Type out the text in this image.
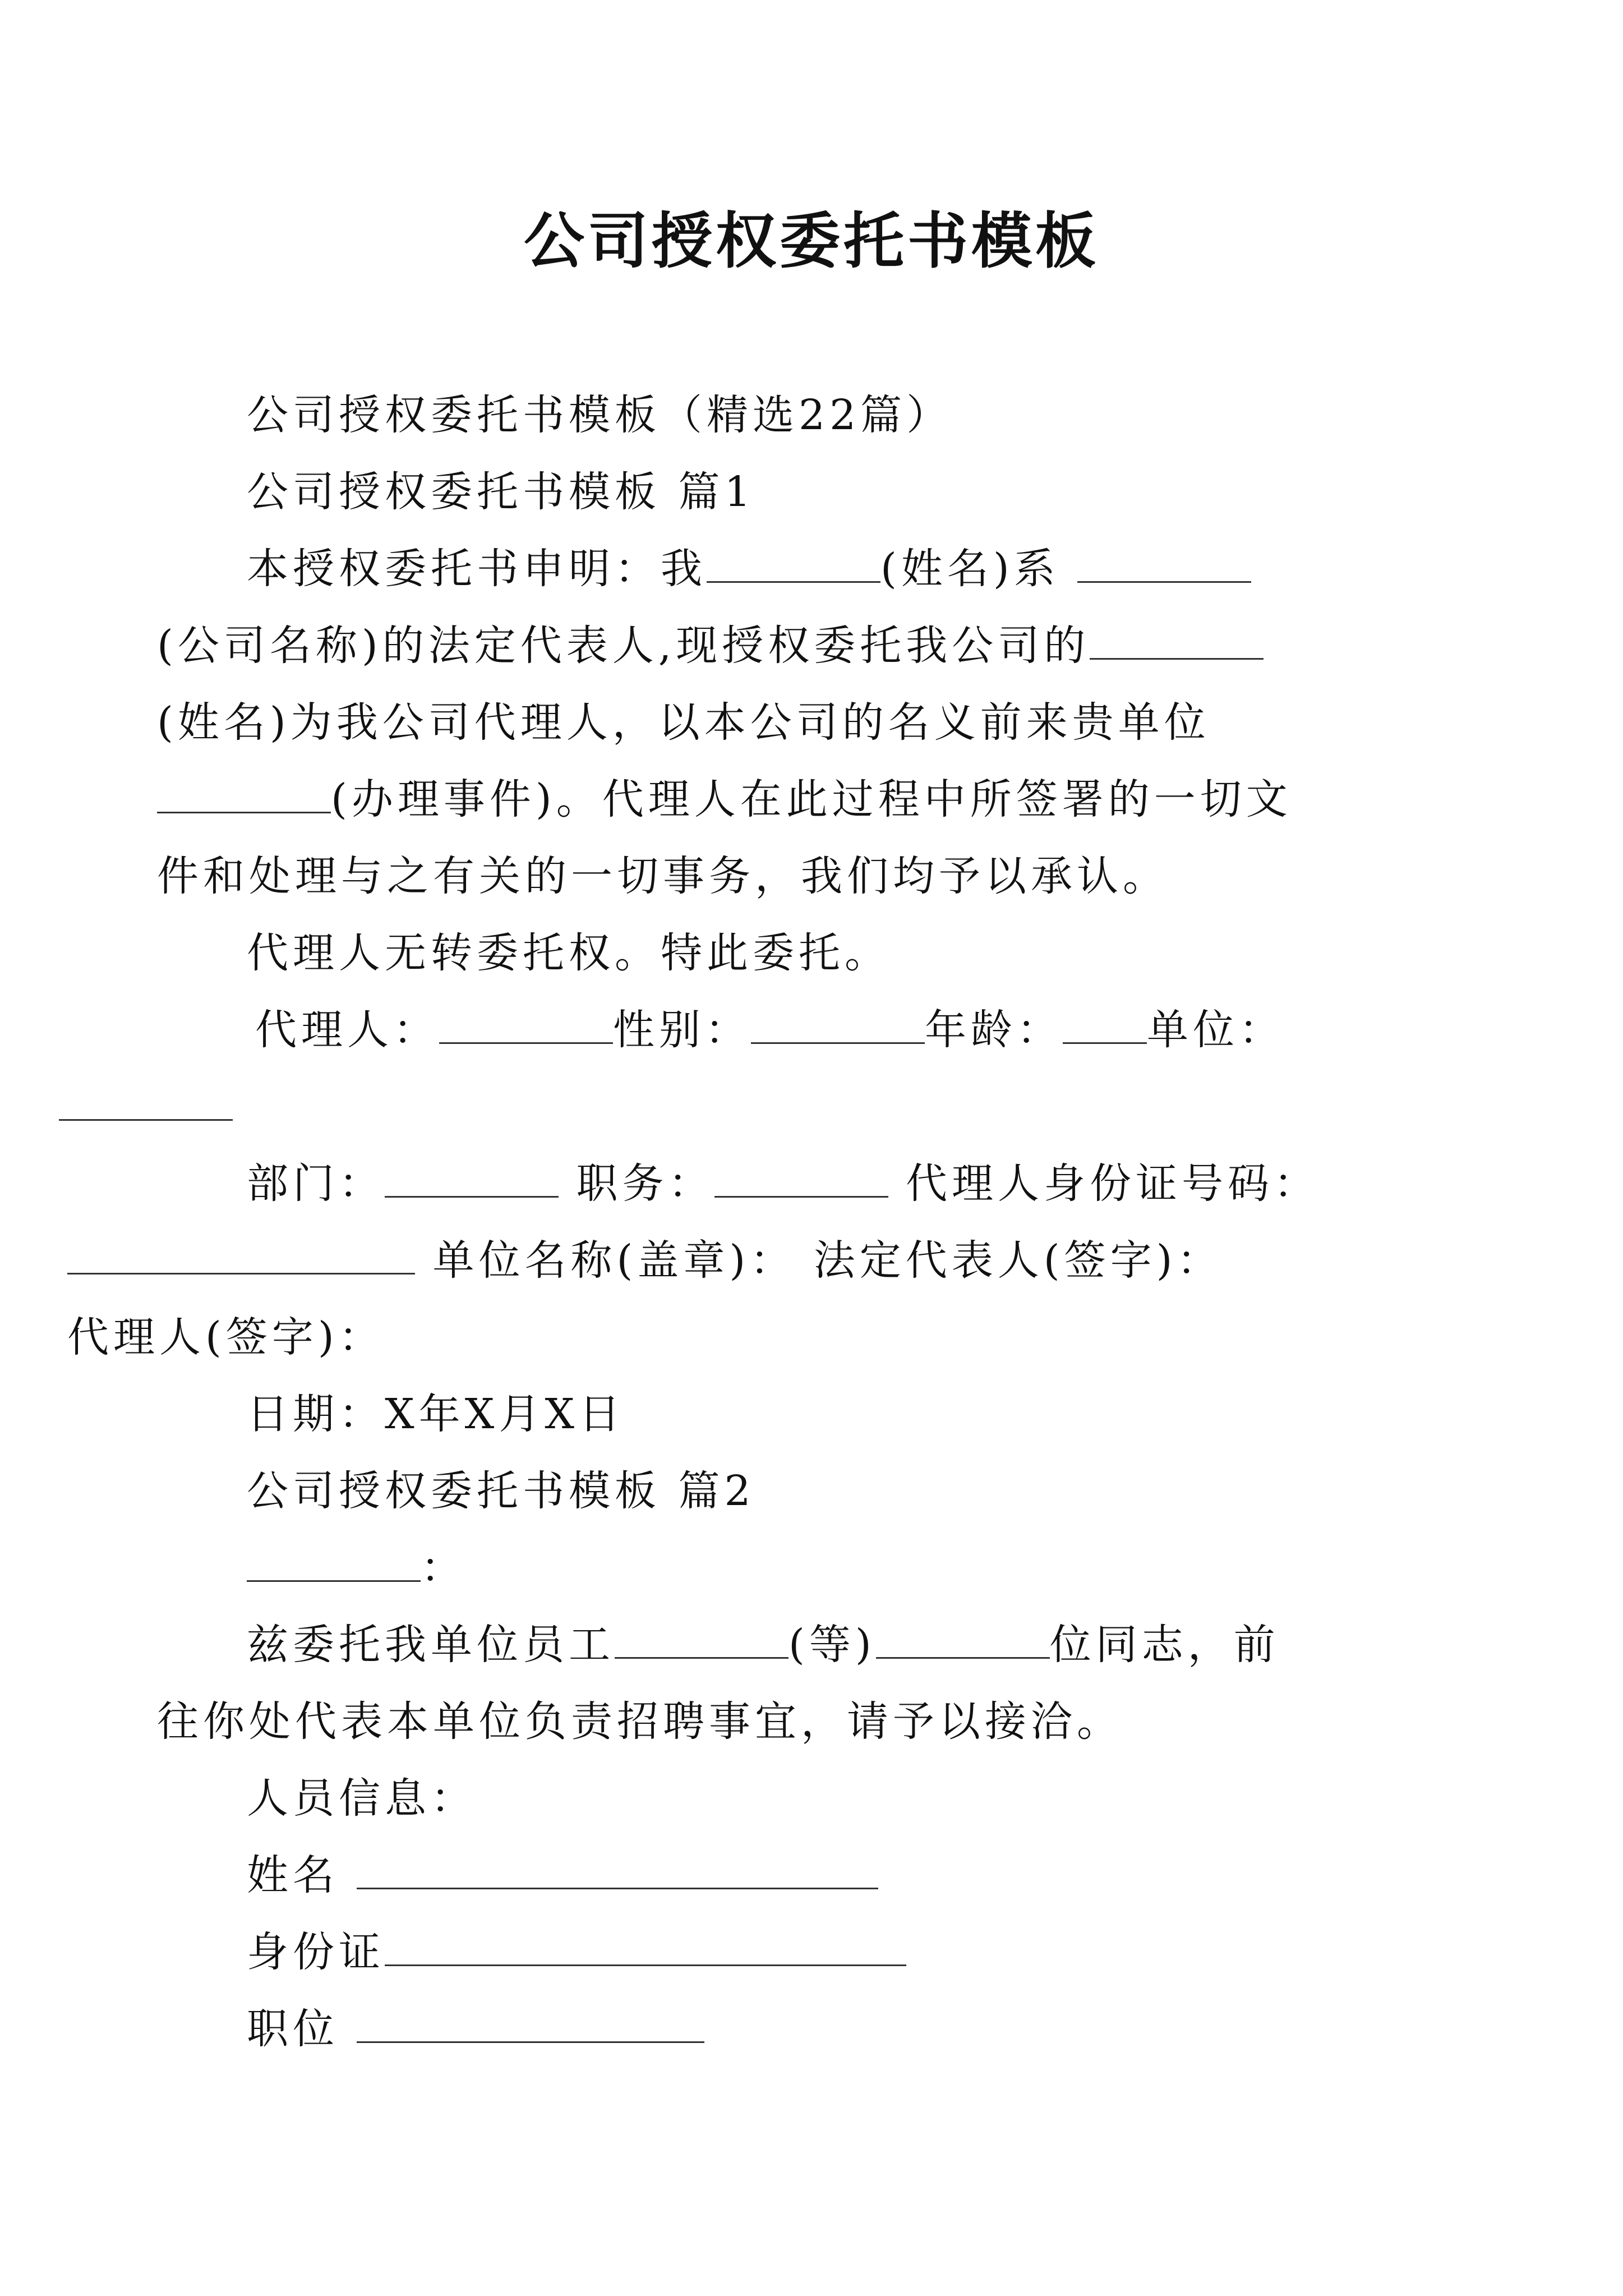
公司授权委托书模板

公司授权委托书模板（精选22篇）

公司授权委托书模板 篇1

本授权委托书申明：我	(姓名)系 (公司名称)的法定代表人,现授权委托我公司的(姓名)为我公司代理人，以本公司的名义前来贵单位(办理事件)。代理人在此过程中所签署的一切文件和处理与之有关的一切事务，我们均予以承认。

代理人无转委托权。特此委托。

代理人：	性别：	年龄： 单位：

部门：	职务：	代理人身份证号码：
单位名称(盖章)： 法定代表人(签字)：
代理人(签字)：

日期：X年X月X日

公司授权委托书模板 篇2

：

兹委托我单位员工	(等)	位同志，前往你处代表本单位负责招聘事宜，请予以接洽。

人员信息：

姓名

身份证

职位
